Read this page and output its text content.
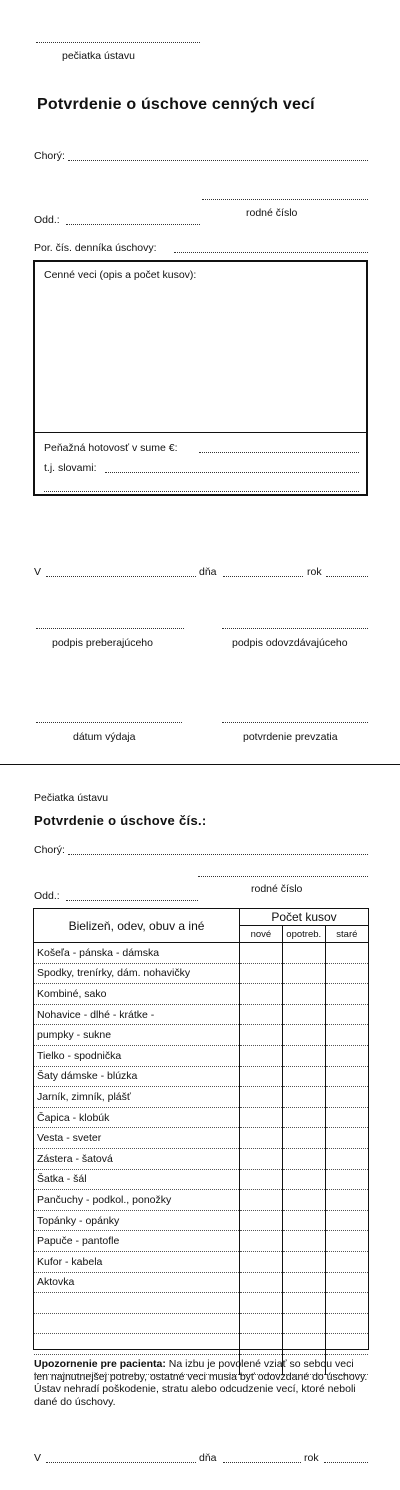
pečiatka ústavu
Potvrdenie o úschove cenných vecí
Chorý:
rodné číslo
Odd.:
Por. čís. denníka úschovy:
Cenné veci (opis a počet kusov):
Peňažná hotovosť v sume €:
t.j. slovami:
V	dňa	rok
podpis preberajúceho	podpis odovzdávajúceho
dátum výdaja	potvrdenie prevzatia
Pečiatka ústavu
Potvrdenie o úschove čís.:
Chorý:
rodné číslo
Odd.:
Bielizeň, odev, obuv a iné	Počet kusov		
	nové	opotreb.	staré
Košeľa - pánska - dámska			
Spodky, trenírky, dám. nohavičky			
Kombiné, sako			
Nohavice - dlhé - krátke -			
pumpky - sukne			
Tielko - spodnička			
Šaty dámske - blúzka			
Jarník, zimník, plášť			
Čapica - klobúk			
Vesta - sveter			
Zástera - šatová			
Šatka - šál			
Pančuchy - podkol., ponožky			
Topánky - opánky			
Papuče - pantofle			
Kufor - kabela			
Aktovka			

Upozornenie pre pacienta: Na izbu je povolené vziať so sebou veci len najnutnejšej potreby, ostatné veci musia byť odovzdané do úschovy. Ústav nehradí poškodenie, stratu alebo odcudzenie vecí, ktoré neboli dané do úschovy.
V	dňa	rok
